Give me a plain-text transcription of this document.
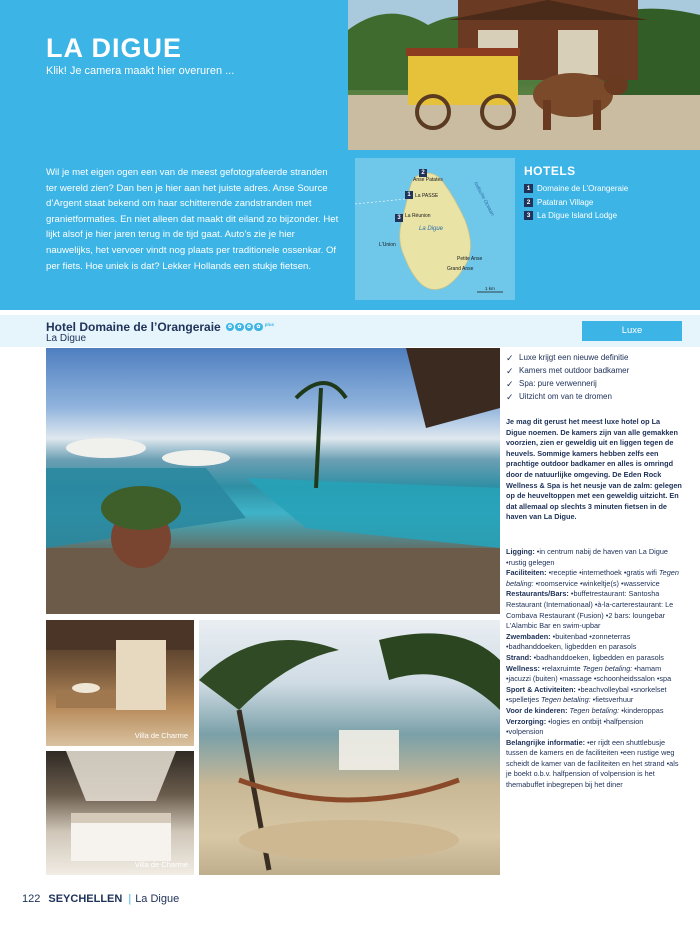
LA DIGUE
Klik! Je camera maakt hier overuren ...
Wil je met eigen ogen een van de meest gefotografeerde stranden ter wereld zien? Dan ben je hier aan het juiste adres. Anse Source d’Argent staat bekend om haar schitterende zandstranden met granietformaties. En niet alleen dat maakt dit eiland zo bijzonder. Het lijkt alsof je hier jaren terug in de tijd gaat. Auto’s zie je hier nauwelijks, het vervoer vindt nog plaats per traditionele ossenkar. Of per fiets. Hoe uniek is dat? Lekker Hollands een stukje fietsen.
2
Anse Patates
1 La PASSE
3 La Réunion
L'Union
Petite Anse
Grand Anse
La Digue
Indische Oceaan
1 km
HOTELS
1 Domaine de L’Orangeraie
2 Patatran Village
3 La Digue Island Lodge
Hotel Domaine de l’Orangeraie	✿	✿	✿	✿ plus
La Digue
Luxe
Villa de Charme
Villa de Charme
✓ Luxe krijgt een nieuwe definitie
✓ Kamers met outdoor badkamer
✓ Spa: pure verwennerij
✓ Uitzicht om van te dromen
Je mag dit gerust het meest luxe hotel op La Digue noemen. De kamers zijn van alle gemakken voorzien, zien er geweldig uit en liggen tegen de heuvels. Sommige kamers hebben zelfs een prachtige outdoor badkamer en alles is omringd door de natuurlijke omgeving. De Eden Rock Wellness & Spa is het neusje van de zalm: gelegen op de heuveltoppen met een geweldig uitzicht. En dat allemaal op slechts 3 minuten fietsen in de haven van La Digue.

Ligging: •in centrum nabij de haven van La Digue •rustig gelegen

Faciliteiten: •receptie •internethoek •gratis wifi Tegen betaling: •roomservice •winkeltje(s) •wasservice

Restaurants/Bars: •buffetrestaurant: Santosha Restaurant (Internationaal) •à-la-carterestaurant: Le Combava Restaurant (Fusion) •2 bars: loungebar L’Alambic Bar en swim-upbar

Zwembaden: •buitenbad •zonneterras •badhanddoeken, ligbedden en parasols

Strand: •badhanddoeken, ligbedden en parasols

Wellness: •relaxruimte Tegen betaling: •hamam •jacuzzi (buiten) •massage •schoonheidssalon •spa

Sport & Activiteiten: •beachvolleybal •snorkelset •spelletjes Tegen betaling: •fietsverhuur

Voor de kinderen: Tegen betaling: •kinderoppas

Verzorging: •logies en ontbijt •halfpension •volpension

Belangrijke informatie: •er rijdt een shuttlebusje tussen de kamers en de faciliteiten •een rustige weg scheidt de kamer van de faciliteiten en het strand •als je boekt o.b.v. halfpension of volpension is het themabuffet inbegrepen bij het diner

122 SEYCHELLEN | La Digue
